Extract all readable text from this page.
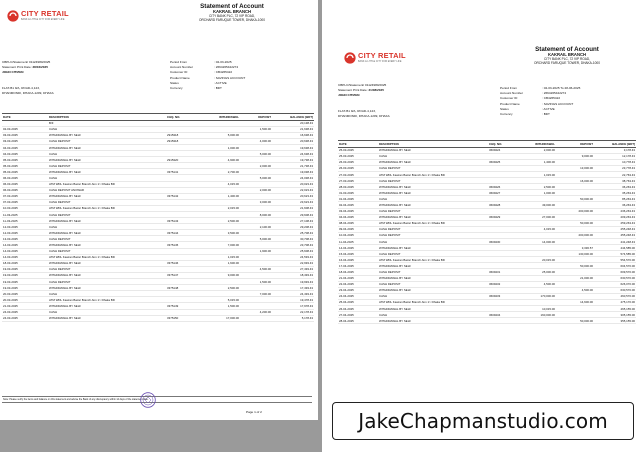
CITY RETAIL
BANK & LITTLE CITY FOR EVERY LIFE
Statement of Account
KAKRAIL BRANCH
CITY BANK PLC, 72 VIP ROAD,
ORCHARD FARUQUE TOWER, DHAKA-1000
CBPLC/Statement/ 01124980/2025
Statement Print Date:
28/04/2025
JOHN CITIZEN

FLAT-B1 9/A, ROAD-4,123,
DHANMONDI, DHAKA-1209, DHAKA
Period From	: 02-03-2025
Account Number	: 2664265422274
Customer ID	: CB4265422
Product Name	: SAVINGS ACCOUNT
Status	: ACTIVE
Currency	: BDT
DATE	DESCRIPTION	CHQ. NO.	WITHDRAWAL	DEPOSIT	BALANCE [BDT]
	B/F				20,138.43
02-03-2025	CASH			1,500.00	21,638.43
03-03-2025	WITHDRAWAL BY SELF	2915318	5,000.00		16,638.43
03-03-2025	CASH DEPOSIT	2915318		4,000.00	20,638.43
04-03-2025	WITHDRAWAL BY SELF		1,000.00		19,638.43
04-03-2025	CASH			5,000.00	24,638.43
05-03-2025	WITHDRAWAL BY SELF	2915320	4,900.00		19,738.43
05-03-2025	CASH DEPOSIT			2,000.00	21,738.43
05-03-2025	WITHDRAWAL BY SELF	3375141	2,700.00		19,038.43
06-03-2025	CASH			5,000.00	24,038.43
06-03-2025	ATM WDL Kawran Bazar Branch Atm 1> Dhaka BD		4,015.00		20,023.43
06-03-2025	CASH DEPOSIT ANOWAR			2,000.00	22,023.43
07-03-2025	WITHDRAWAL BY SELF	3375142	1,400.00		20,623.43
07-03-2025	CASH DEPOSIT			3,000.00	23,623.43
10-03-2025	ATM WDL Kawran Bazar Branch Atm 1> Dhaka BD		2,015.00		21,608.43
11-03-2025	CASH DEPOSIT			8,000.00	29,608.43
11-03-2025	WITHDRAWAL BY SELF	3375143	2,500.00		27,108.43
12-03-2025	CASH			2,100.00	29,208.43
12-03-2025	WITHDRAWAL BY SELF	3375144	3,500.00		25,708.43
13-03-2025	CASH DEPOSIT			5,000.00	30,708.43
14-03-2025	WITHDRAWAL BY SELF	3375145	7,000.00		23,708.43
14-03-2025	CASH DEPOSIT			1,900.00	25,608.43
14-03-2025	ATM WDL Kawran Bazar Branch Atm 1> Dhaka BD		1,015.00		24,593.43
18-03-2025	WITHDRAWAL BY SELF	3375146	1,600.00		22,993.43
19-03-2025	CASH DEPOSIT			4,500.00	27,493.43
19-03-2025	WITHDRAWAL BY SELF	3375147	9,000.00		18,493.43
19-03-2025	CASH DEPOSIT			1,500.00	19,993.43
19-03-2025	WITHDRAWAL BY SELF	3375148	2,500.00		17,493.43
20-03-2025	CASH			7,000.00	24,493.43
20-03-2025	ATM WDL Kawran Bazar Branch Atm 1> Dhaka BD		5,015.00		19,478.43
21-03-2025	WITHDRAWAL BY SELF	3375149	1,500.00		17,978.43
24-03-2025	CASH			4,200.00	22,178.43
24-03-2025	WITHDRAWAL BY SELF	3375150	17,000.00		5,178.43
Note: Please verify the items and balance on this statement and advise the Bank of any discrepancy within 14 days of the statement date.
Page 1 of 2
CITY RETAIL
BANK & LITTLE CITY FOR EVERY LIFE
Statement of Account
KAKRAIL BRANCH
CITY BANK PLC, 72 VIP ROAD,
ORCHARD FARUQUE TOWER, DHAKA-1000
CBPLC/Statement/ 01124980/2025
Statement Print Date:
21/08/2025
JOHN CITIZEN

FLAT-B1 9/A, ROAD-4,123,
DHANMONDI, DHAKA-1209, DHAKA
Period From	: 02-03-2025 To 28-06-2025
Account Number	: 2664265422274
Customer ID	: CB4265422
Product Name	: SAVINGS ACCOUNT
Status	: ACTIVE
Currency	: BDT
DATE	DESCRIPTION	CHQ. NO.	WITHDRAWAL	DEPOSIT	BALANCE [BDT]
25-03-2025	WITHDRAWAL BY SELF	3609424	2,000.00		3,178.43
25-03-2025	CASH			9,000.00	12,178.43
26-03-2025	WITHDRAWAL BY SELF	3609425	1,400.00		10,778.43
26-03-2025	CASH DEPOSIT			13,000.00	23,778.43
27-03-2025	ATM WDL Kawran Bazar Branch Atm 1> Dhaka BD		1,015.00		22,763.43
27-03-2025	CASH DEPOSIT			16,000.00	38,763.43
28-03-2025	WITHDRAWAL BY SELF	3609426	2,500.00		36,263.43
31-03-2025	WITHDRAWAL BY SELF	3609427	1,000.00		35,263.43
01-04-2025	CASH			50,000.00	85,263.43
02-04-2025	WITHDRAWAL BY SELF	3609428	49,000.00		36,263.43
03-04-2025	CASH DEPOSIT			200,000.00	236,263.43
04-04-2025	WITHDRAWAL BY SELF	3609429	27,000.00		209,263.43
08-04-2025	ATM WDL Kawran Bazar Branch Atm 1> Dhaka BD			50,000.00	259,263.43
09-04-2025	CASH DEPOSIT		4,015.00		255,248.43
10-04-2025	CASH DEPOSIT			200,000.00	455,248.43
11-04-2025	CASH	3609430	14,000.00		441,248.43
14-04-2025	WITHDRAWAL BY SELF			3,336.57	444,585.00
15-04-2025	CASH DEPOSIT			130,000.00	574,585.00
16-04-2025	ATM WDL Kawran Bazar Branch Atm 1> Dhaka BD		20,015.00		554,570.00
17-04-2025	WITHDRAWAL BY SELF			50,000.00	604,570.00
18-04-2025	CASH DEPOSIT	3609431	25,000.00		609,570.00
21-04-2025	WITHDRAWAL BY SELF			21,000.00	630,570.00
22-04-2025	CASH DEPOSIT	3609432	4,500.00		626,070.00
23-04-2025	WITHDRAWAL BY SELF			4,500.00	630,570.00
24-04-2025	CASH	3609433	170,000.00		460,570.00
25-04-2025	ATM WDL Kawran Bazar Branch Atm 1> Dhaka BD			14,600.00	475,170.00
26-04-2025	WITHDRAWAL BY SELF		10,015.00		465,155.00
27-04-2025	CASH	3609434	160,000.00		305,155.00
28-04-2025	WITHDRAWAL BY SELF			50,000.00	355,155.00
JakeChapmanstudio.com
